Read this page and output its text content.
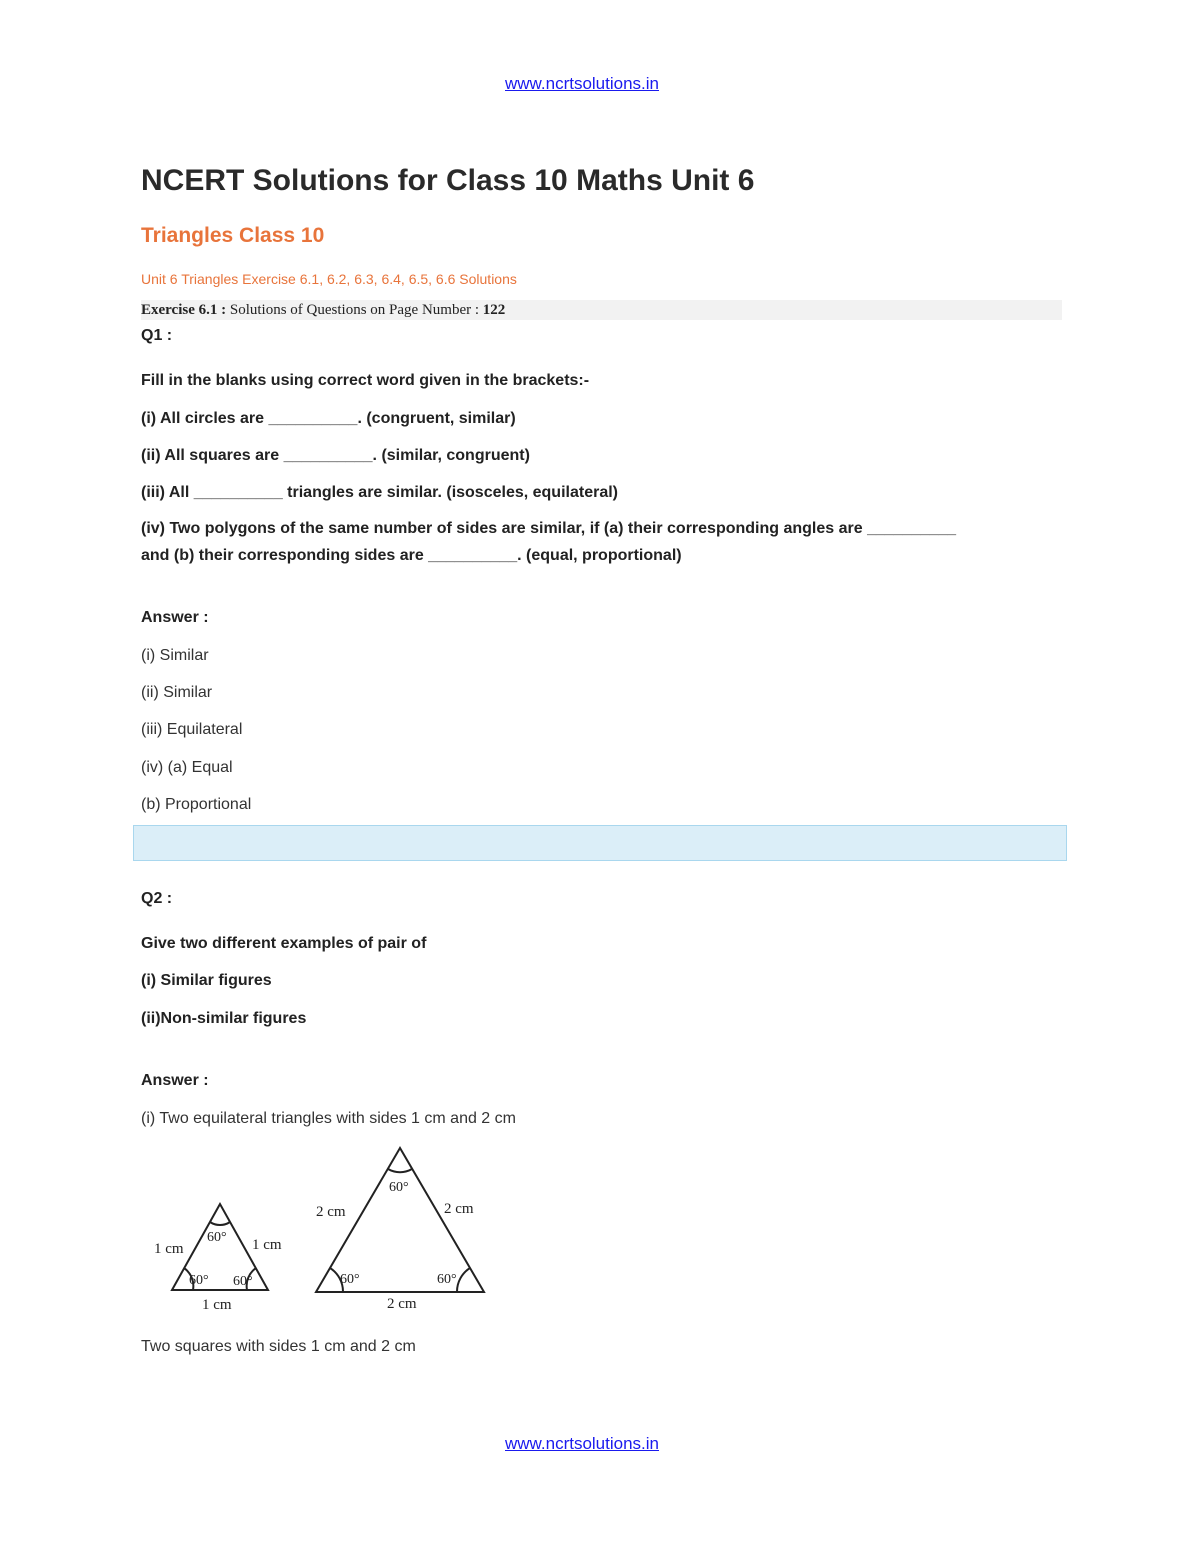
www.ncrtsolutions.in
NCERT Solutions for Class 10 Maths Unit 6
Triangles Class 10
Unit 6 Triangles Exercise 6.1, 6.2, 6.3, 6.4, 6.5, 6.6 Solutions
Exercise 6.1 : Solutions of Questions on Page Number : 122
Q1 :
Fill in the blanks using correct word given in the brackets:-
(i) All circles are __________. (congruent, similar)
(ii) All squares are __________. (similar, congruent)
(iii) All __________ triangles are similar. (isosceles, equilateral)
(iv) Two polygons of the same number of sides are similar, if (a) their corresponding angles are __________
and (b) their corresponding sides are __________. (equal, proportional)
Answer :
(i) Similar
(ii) Similar
(iii) Equilateral
(iv) (a) Equal
(b) Proportional
Q2 :
Give two different examples of pair of
(i) Similar figures
(ii)Non-similar figures
Answer :
(i) Two equilateral triangles with sides 1 cm and 2 cm
1 cm	1 cm
1 cm
60°
60° 60°
2 cm	2 cm
2 cm
60°
60°	60°
Two squares with sides 1 cm and 2 cm
www.ncrtsolutions.in
